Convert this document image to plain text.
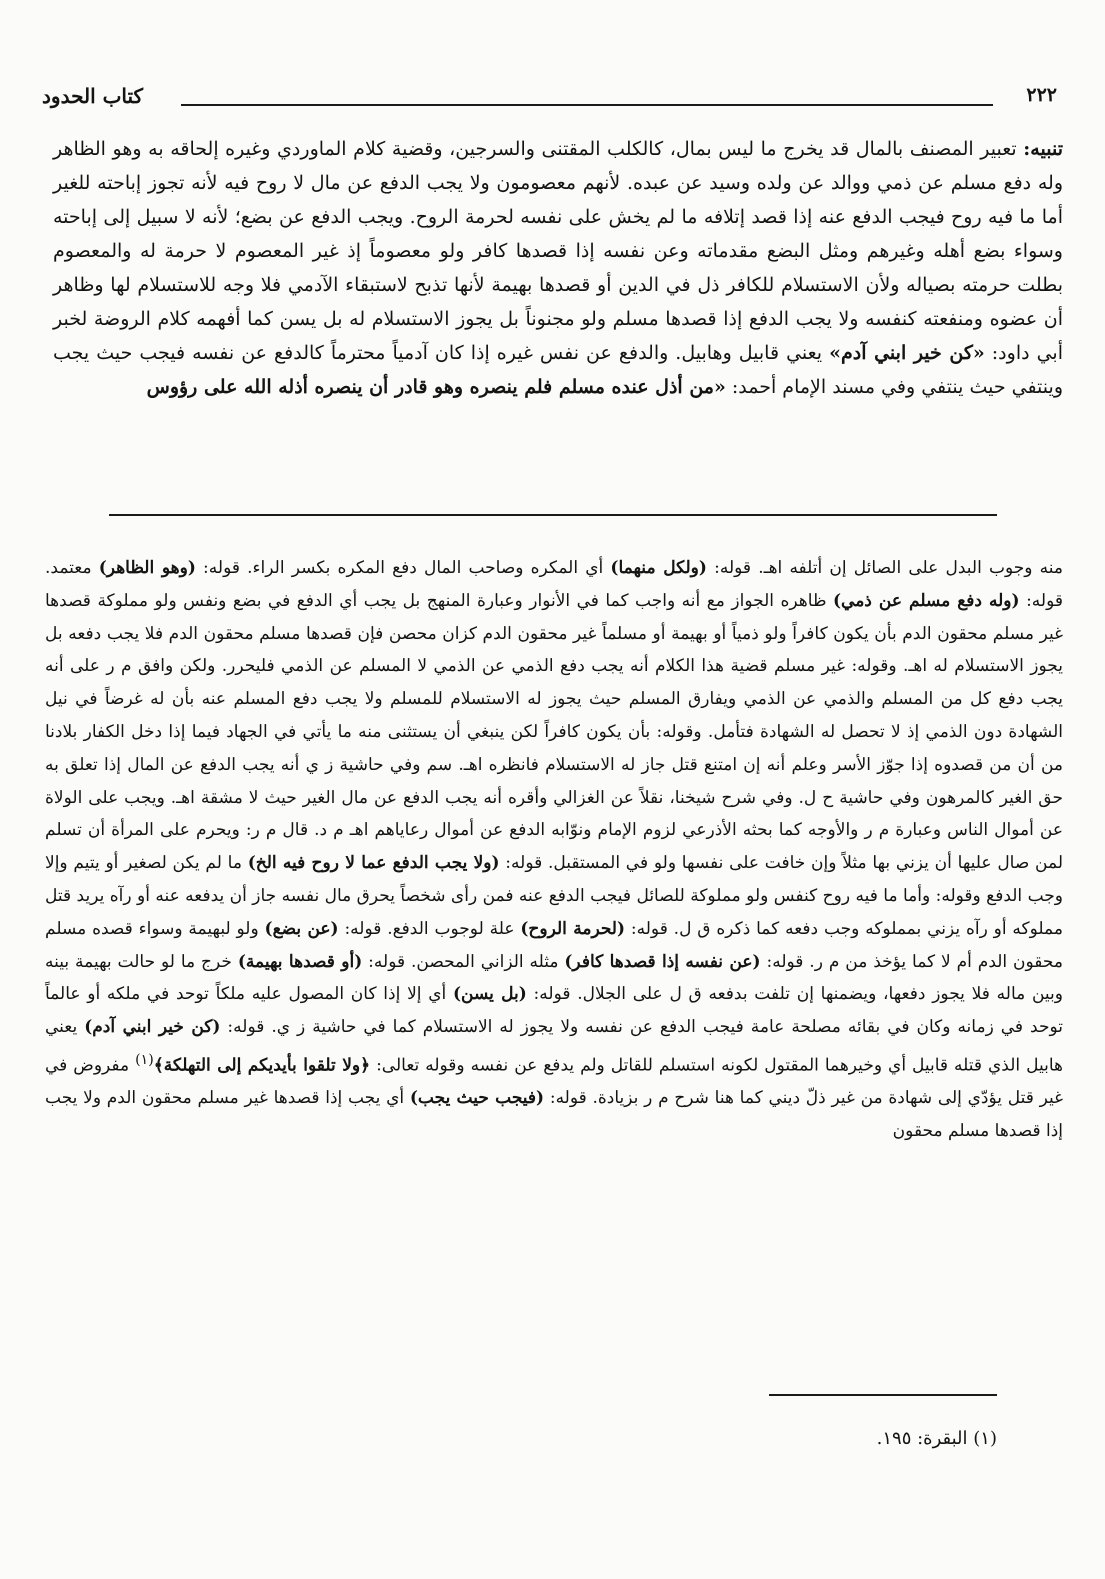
٢٢٢
كتاب الحدود

تنبيه: تعبير المصنف بالمال قد يخرج ما ليس بمال، كالكلب المقتنى والسرجين، وقضية كلام الماوردي وغيره إلحاقه به وهو الظاهر وله دفع مسلم عن ذمي ووالد عن ولده وسيد عن عبده. لأنهم معصومون ولا يجب الدفع عن مال لا روح فيه لأنه تجوز إباحته للغير أما ما فيه روح فيجب الدفع عنه إذا قصد إتلافه ما لم يخش على نفسه لحرمة الروح. ويجب الدفع عن بضع؛ لأنه لا سبيل إلى إباحته وسواء بضع أهله وغيرهم ومثل البضع مقدماته وعن نفسه إذا قصدها كافر ولو معصوماً إذ غير المعصوم لا حرمة له والمعصوم بطلت حرمته بصياله ولأن الاستسلام للكافر ذل في الدين أو قصدها بهيمة لأنها تذبح لاستبقاء الآدمي فلا وجه للاستسلام لها وظاهر أن عضوه ومنفعته كنفسه ولا يجب الدفع إذا قصدها مسلم ولو مجنوناً بل يجوز الاستسلام له بل يسن كما أفهمه كلام الروضة لخبر أبي داود: «كن خير ابني آدم» يعني قابيل وهابيل. والدفع عن نفس غيره إذا كان آدمياً محترماً كالدفع عن نفسه فيجب حيث يجب وينتفي حيث ينتفي وفي مسند الإمام أحمد: «من أذل عنده مسلم فلم ينصره وهو قادر أن ينصره أذله الله على رؤوس

منه وجوب البدل على الصائل إن أتلفه اهـ. قوله: (ولكل منهما) أي المكره وصاحب المال دفع المكره بكسر الراء. قوله: (وهو الظاهر) معتمد. قوله: (وله دفع مسلم عن ذمي) ظاهره الجواز مع أنه واجب كما في الأنوار وعبارة المنهج بل يجب أي الدفع في بضع ونفس ولو مملوكة قصدها غير مسلم محقون الدم بأن يكون كافراً ولو ذمياً أو بهيمة أو مسلماً غير محقون الدم كزان محصن فإن قصدها مسلم محقون الدم فلا يجب دفعه بل يجوز الاستسلام له اهـ. وقوله: غير مسلم قضية هذا الكلام أنه يجب دفع الذمي عن الذمي لا المسلم عن الذمي فليحرر. ولكن وافق م ر على أنه يجب دفع كل من المسلم والذمي عن الذمي ويفارق المسلم حيث يجوز له الاستسلام للمسلم ولا يجب دفع المسلم عنه بأن له غرضاً في نيل الشهادة دون الذمي إذ لا تحصل له الشهادة فتأمل. وقوله: بأن يكون كافراً لكن ينبغي أن يستثنى منه ما يأتي في الجهاد فيما إذا دخل الكفار بلادنا من أن من قصدوه إذا جوّز الأسر وعلم أنه إن امتنع قتل جاز له الاستسلام فانظره اهـ. سم وفي حاشية ز ي أنه يجب الدفع عن المال إذا تعلق به حق الغير كالمرهون وفي حاشية ح ل. وفي شرح شيخنا، نقلاً عن الغزالي وأقره أنه يجب الدفع عن مال الغير حيث لا مشقة اهـ. ويجب على الولاة عن أموال الناس وعبارة م ر والأوجه كما بحثه الأذرعي لزوم الإمام ونوّابه الدفع عن أموال رعاياهم اهـ م د. قال م ر: ويحرم على المرأة أن تسلم لمن صال عليها أن يزني بها مثلاً وإن خافت على نفسها ولو في المستقبل. قوله: (ولا يجب الدفع عما لا روح فيه الخ) ما لم يكن لصغير أو يتيم وإلا وجب الدفع وقوله: وأما ما فيه روح كنفس ولو مملوكة للصائل فيجب الدفع عنه فمن رأى شخصاً يحرق مال نفسه جاز أن يدفعه عنه أو رآه يريد قتل مملوكه أو رآه يزني بمملوكه وجب دفعه كما ذكره ق ل. قوله: (لحرمة الروح) علة لوجوب الدفع. قوله: (عن بضع) ولو لبهيمة وسواء قصده مسلم محقون الدم أم لا كما يؤخذ من م ر. قوله: (عن نفسه إذا قصدها كافر) مثله الزاني المحصن. قوله: (أو قصدها بهيمة) خرج ما لو حالت بهيمة بينه وبين ماله فلا يجوز دفعها، ويضمنها إن تلفت بدفعه ق ل على الجلال. قوله: (بل يسن) أي إلا إذا كان المصول عليه ملكاً توحد في ملكه أو عالماً توحد في زمانه وكان في بقائه مصلحة عامة فيجب الدفع عن نفسه ولا يجوز له الاستسلام كما في حاشية ز ي. قوله: (كن خير ابني آدم) يعني هابيل الذي قتله قابيل أي وخيرهما المقتول لكونه استسلم للقاتل ولم يدفع عن نفسه وقوله تعالى: ﴿ولا تلقوا بأيديكم إلى التهلكة﴾$^{(١)}$ مفروض في غير قتل يؤدّي إلى شهادة من غير ذلّ ديني كما هنا شرح م ر بزيادة. قوله: (فيجب حيث يجب) أي يجب إذا قصدها غير مسلم محقون الدم ولا يجب إذا قصدها مسلم محقون

(١) البقرة: ١٩٥.
